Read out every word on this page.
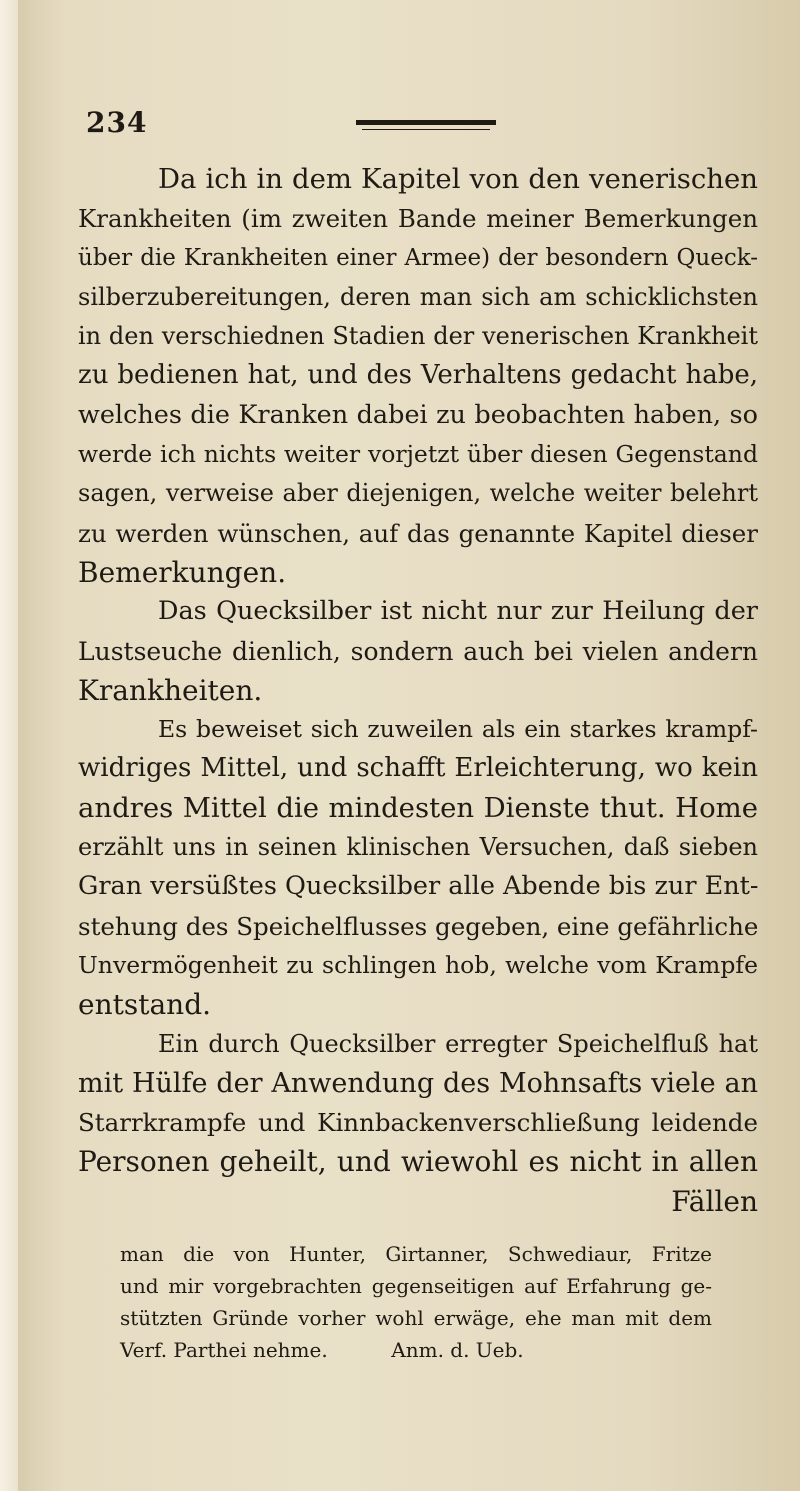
234
Da ich in dem Kapitel von den venerischen
Krankheiten (im zweiten Bande meiner Bemerkungen
über die Krankheiten einer Armee) der besondern Queck-
silberzubereitungen, deren man sich am schicklichsten
in den verschiednen Stadien der venerischen Krankheit
zu bedienen hat, und des Verhaltens gedacht habe,
welches die Kranken dabei zu beobachten haben, so
werde ich nichts weiter vorjetzt über diesen Gegenstand
sagen, verweise aber diejenigen, welche weiter belehrt
zu werden wünschen, auf das genannte Kapitel dieser
Bemerkungen.
Das Quecksilber ist nicht nur zur Heilung der
Lustseuche dienlich, sondern auch bei vielen andern
Krankheiten.
Es beweiset sich zuweilen als ein starkes krampf-
widriges Mittel, und schafft Erleichterung, wo kein
andres Mittel die mindesten Dienste thut. Home
erzählt uns in seinen klinischen Versuchen, daß sieben
Gran versüßtes Quecksilber alle Abende bis zur Ent-
stehung des Speichelflusses gegeben, eine gefährliche
Unvermögenheit zu schlingen hob, welche vom Krampfe
entstand.
Ein durch Quecksilber erregter Speichelfluß hat
mit Hülfe der Anwendung des Mohnsafts viele an
Starrkrampfe und Kinnbackenverschließung leidende
Personen geheilt, und wiewohl es nicht in allen
Fällen
man die von Hunter, Girtanner, Schwediaur, Fritze
und mir vorgebrachten gegenseitigen auf Erfahrung ge-
stützten Gründe vorher wohl erwäge, ehe man mit dem
Verf. Parthei nehme.          Anm. d. Ueb.
